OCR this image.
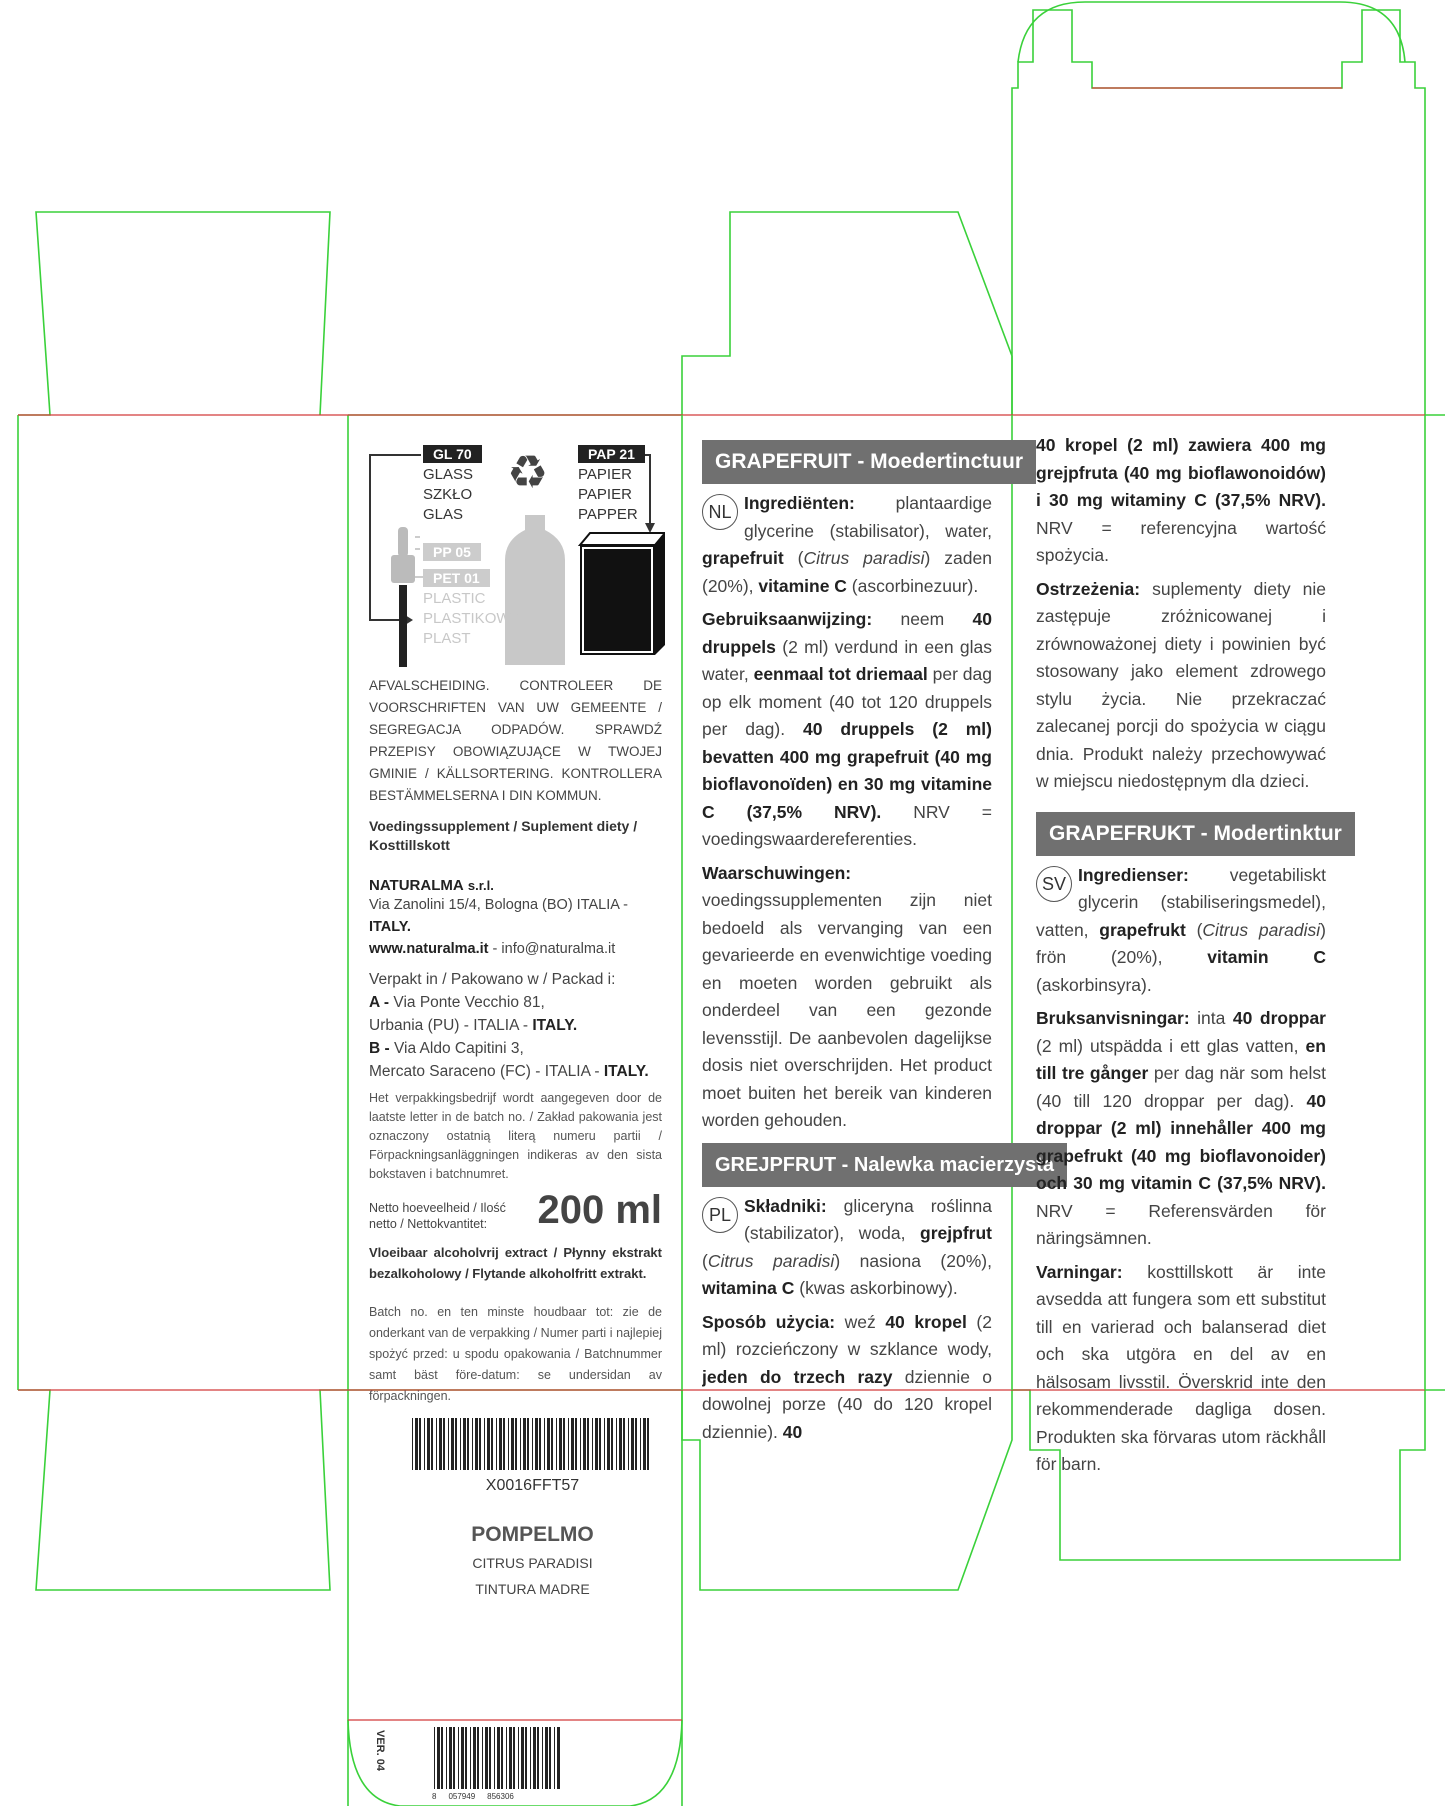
♻
GL 70
GLASS
SZKŁO
GLAS
PAP 21
PAPIER
PAPIER
PAPPER
PP 05
PET 01
PLASTIC
PLASTIKOWY
PLAST

AFVALSCHEIDING. CONTROLEER DE VOORSCHRIFTEN VAN UW GEMEENTE / SEGREGACJA ODPADÓW. SPRAWDŹ PRZEPISY OBOWIĄZUJĄCE W TWOJEJ GMINIE / KÄLLSORTERING. KONTROLLERA BESTÄMMELSERNA I DIN KOMMUN.

Voedingssupplement / Suplement diety / Kosttillskott

NATURALMA s.r.l.

Via Zanolini 15/4, Bologna (BO) ITALIA - ITALY.

www.naturalma.it - info@naturalma.it

Verpakt in / Pakowano w / Packad i:

A - Via Ponte Vecchio 81,
Urbania (PU) - ITALIA - ITALY.

B - Via Aldo Capitini 3,
Mercato Saraceno (FC) - ITALIA - ITALY.

Het verpakkingsbedrijf wordt aangegeven door de laatste letter in de batch no. / Zakład pakowania jest oznaczony ostatnią literą numeru partii / Förpackningsanläggningen indikeras av den sista bokstaven i batchnumret.

Netto hoeveelheid / Ilość netto / Nettokvantitet:	200 ml

Vloeibaar alcoholvrij extract / Płynny ekstrakt bezalkoholowy / Flytande alkoholfritt extrakt.

Batch no. en ten minste houdbaar tot: zie de onderkant van de verpakking / Numer parti i najlepiej spożyć przed: u spodu opakowania / Batchnummer samt bäst före-datum: se undersidan av förpackningen.

GRAPEFRUIT - Moedertinctuur

NL Ingrediënten: plantaardige glycerine (stabilisator), water, grapefruit (Citrus paradisi) zaden (20%), vitamine C (ascorbinezuur).

Gebruiksaanwijzing: neem 40 druppels (2 ml) verdund in een glas water, eenmaal tot driemaal per dag op elk moment (40 tot 120 druppels per dag). 40 druppels (2 ml) bevatten 400 mg grapefruit (40 mg bioflavonoïden) en 30 mg vitamine C (37,5% NRV). NRV = voedingswaardereferenties.

Waarschuwingen: voedingssupplementen zijn niet bedoeld als vervanging van een gevarieerde en evenwichtige voeding en moeten worden gebruikt als onderdeel van een gezonde levensstijl. De aanbevolen dagelijkse dosis niet overschrijden. Het product moet buiten het bereik van kinderen worden gehouden.

GREJPFRUT - Nalewka macierzysta

PL Składniki: gliceryna roślinna (stabilizator), woda, grejpfrut (Citrus paradisi) nasiona (20%), witamina C (kwas askorbinowy).

Sposób użycia: weź 40 kropel (2 ml) rozcieńczony w szklance wody, jeden do trzech razy dziennie o dowolnej porze (40 do 120 kropel dziennie). 40

40 kropel (2 ml) zawiera 400 mg grejpfruta (40 mg bioflawonoidów) i 30 mg witaminy C (37,5% NRV). NRV = referencyjna wartość spożycia.

Ostrzeżenia: suplementy diety nie zastępuje zróżnicowanej i zrównoważonej diety i powinien być stosowany jako element zdrowego stylu życia. Nie przekraczać zalecanej porcji do spożycia w ciągu dnia. Produkt należy przechowywać w miejscu niedostępnym dla dzieci.

GRAPEFRUKT - Modertinktur

SV Ingredienser: vegetabiliskt glycerin (stabiliseringsmedel), vatten, grapefrukt (Citrus paradisi) frön (20%),	vitamin C (askorbinsyra).

Bruksanvisningar: inta 40 droppar (2 ml) utspädda i ett glas vatten, en till tre gånger per dag när som helst (40 till 120 droppar per dag). 40 droppar (2 ml) innehåller 400 mg grapefrukt (40 mg bioflavonoider) och 30 mg vitamin C (37,5% NRV). NRV = Referensvärden för näringsämnen.

Varningar: kosttillskott är inte avsedda att fungera som ett substitut till en varierad och balanserad diet och ska utgöra en del av en hälsosam livsstil. Överskrid inte den rekommenderade dagliga dosen. Produkten ska förvaras utom räckhåll för barn.

X0016FFT57
POMPELMO
CITRUS PARADISI
TINTURA MADRE
VER. 04
8 057949 856306
